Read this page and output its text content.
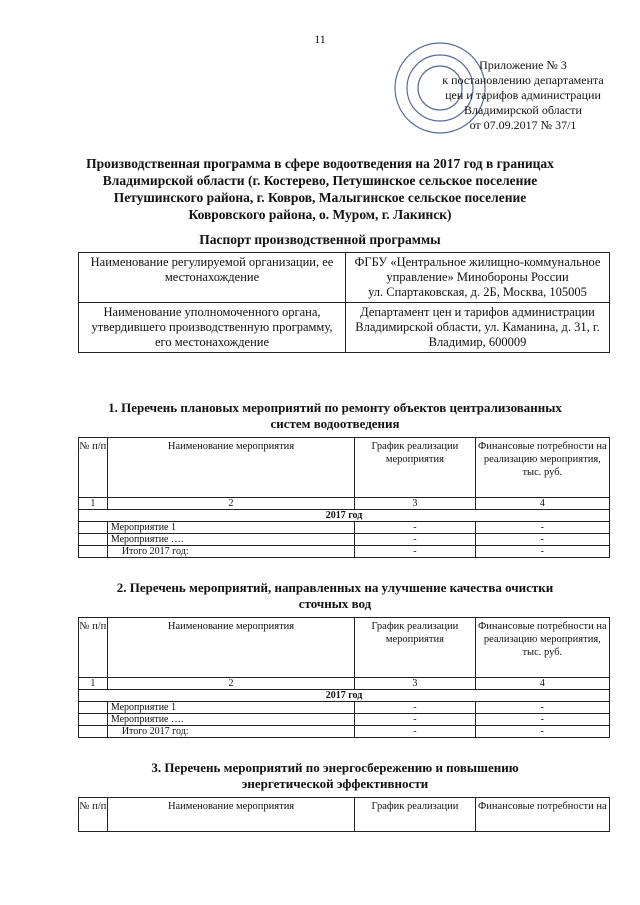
11
Приложение № 3
к постановлению департамента
цен и тарифов администрации
Владимирской области
от 07.09.2017 № 37/1
Производственная программа в сфере водоотведения на 2017 год в границах
Владимирской области (г. Костерево, Петушинское сельское поселение
Петушинского района, г. Ковров, Малыгинское сельское поселение
Ковровского района, о. Муром, г. Лакинск)
Паспорт производственной программы
Наименование регулируемой организации, ее местонахождение	ФГБУ «Центральное жилищно-коммунальное управление» Минобороны России
ул. Спартаковская, д. 2Б, Москва, 105005

Наименование уполномоченного органа, утвердившего производственную программу, его местонахождение	Департамент цен и тарифов администрации Владимирской области, ул. Каманина, д. 31, г. Владимир, 600009
1. Перечень плановых мероприятий по ремонту объектов централизованных
систем водоотведения
№ п/п	Наименование мероприятия	График реализации мероприятия	Финансовые потребности на реализацию мероприятия, тыс. руб.
1	2	3	4
2017 год			
	Мероприятие 1	-	-
	Мероприятие ….	-	-
	Итого 2017 год:	-	-
2. Перечень мероприятий, направленных на улучшение качества очистки
сточных вод
№ п/п	Наименование мероприятия	График реализации мероприятия	Финансовые потребности на реализацию мероприятия, тыс. руб.
1	2	3	4
2017 год			
	Мероприятие 1	-	-
	Мероприятие ….	-	-
	Итого 2017 год:	-	-
3. Перечень мероприятий по энергосбережению и повышению
энергетической эффективности
№ п/п	Наименование мероприятия	График реализации	Финансовые потребности на
